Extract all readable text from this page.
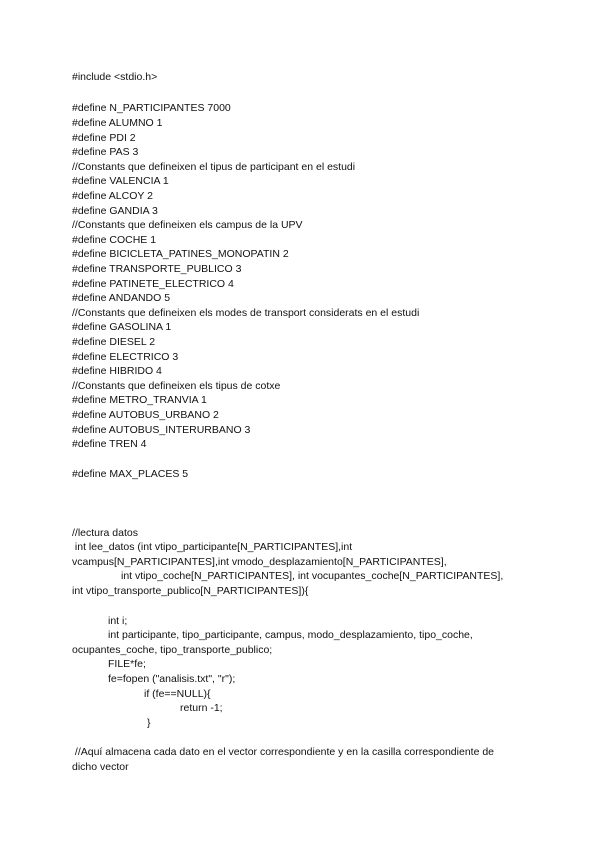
#include <stdio.h>
#define N_PARTICIPANTES 7000
#define ALUMNO 1
#define PDI 2
#define PAS 3
//Constants que defineixen el tipus de participant en el estudi
#define VALENCIA 1
#define ALCOY 2
#define GANDIA 3
//Constants que defineixen els campus de la UPV
#define COCHE 1
#define BICICLETA_PATINES_MONOPATIN 2
#define TRANSPORTE_PUBLICO 3
#define PATINETE_ELECTRICO 4
#define ANDANDO 5
//Constants que defineixen els modes de transport considerats en el estudi
#define GASOLINA 1
#define DIESEL 2
#define ELECTRICO 3
#define HIBRIDO 4
//Constants que defineixen els tipus de cotxe
#define METRO_TRANVIA 1
#define AUTOBUS_URBANO 2
#define AUTOBUS_INTERURBANO 3
#define TREN 4
#define MAX_PLACES 5
//lectura datos
int lee_datos (int vtipo_participante[N_PARTICIPANTES],int
vcampus[N_PARTICIPANTES],int vmodo_desplazamiento[N_PARTICIPANTES],
int vtipo_coche[N_PARTICIPANTES], int vocupantes_coche[N_PARTICIPANTES],
int vtipo_transporte_publico[N_PARTICIPANTES]){
int i;
int participante, tipo_participante, campus, modo_desplazamiento, tipo_coche,
ocupantes_coche, tipo_transporte_publico;
FILE*fe;
fe=fopen ("analisis.txt", "r");
if (fe==NULL){
return -1;
}
//Aquí almacena cada dato en el vector correspondiente y en la casilla correspondiente de
dicho vector
